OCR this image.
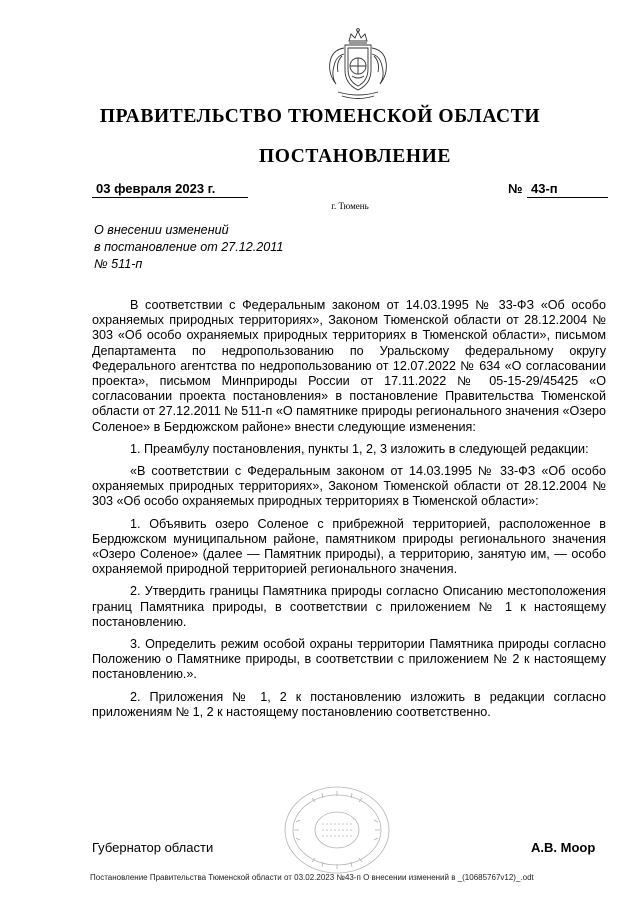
ПРАВИТЕЛЬСТВО ТЮМЕНСКОЙ ОБЛАСТИ
ПОСТАНОВЛЕНИЕ
03 февраля 2023 г.	№ 43-п
г. Тюмень
О внесении изменений
в постановление от 27.12.2011
№ 511-п

В соответствии с Федеральным законом от 14.03.1995 № 33-ФЗ «Об особо охраняемых природных территориях», Законом Тюменской области от 28.12.2004 № 303 «Об особо охраняемых природных территориях в Тюменской области», письмом Департамента по недропользованию по Уральскому федеральному округу Федерального агентства по недропользованию от 12.07.2022 № 634 «О согласовании проекта», письмом Минприроды России от 17.11.2022 № 05-15-29/45425 «О согласовании проекта постановления» в постановление Правительства Тюменской области от 27.12.2011 № 511-п «О памятнике природы регионального значения «Озеро Соленое» в Бердюжском районе» внести следующие изменения:

1. Преамбулу постановления, пункты 1, 2, 3 изложить в следующей редакции:

«В соответствии с Федеральным законом от 14.03.1995 № 33-ФЗ «Об особо охраняемых природных территориях», Законом Тюменской области от 28.12.2004 № 303 «Об особо охраняемых природных территориях в Тюменской области»:

1. Объявить озеро Соленое с прибрежной территорией, расположенное в Бердюжском муниципальном районе, памятником природы регионального значения «Озеро Соленое» (далее — Памятник природы), а территорию, занятую им, — особо охраняемой природной территорией регионального значения.

2. Утвердить границы Памятника природы согласно Описанию местоположения границ Памятника природы, в соответствии с приложением № 1 к настоящему постановлению.

3. Определить режим особой охраны территории Памятника природы согласно Положению о Памятнике природы, в соответствии с приложением № 2 к настоящему постановлению.».

2. Приложения № 1, 2 к постановлению изложить в редакции согласно приложениям № 1, 2 к настоящему постановлению соответственно.

Губернатор области	А.В. Моор
Постановление Правительства Тюменской области от 03.02.2023 №43-п О внесении изменений в _(10685767v12)_.odt
